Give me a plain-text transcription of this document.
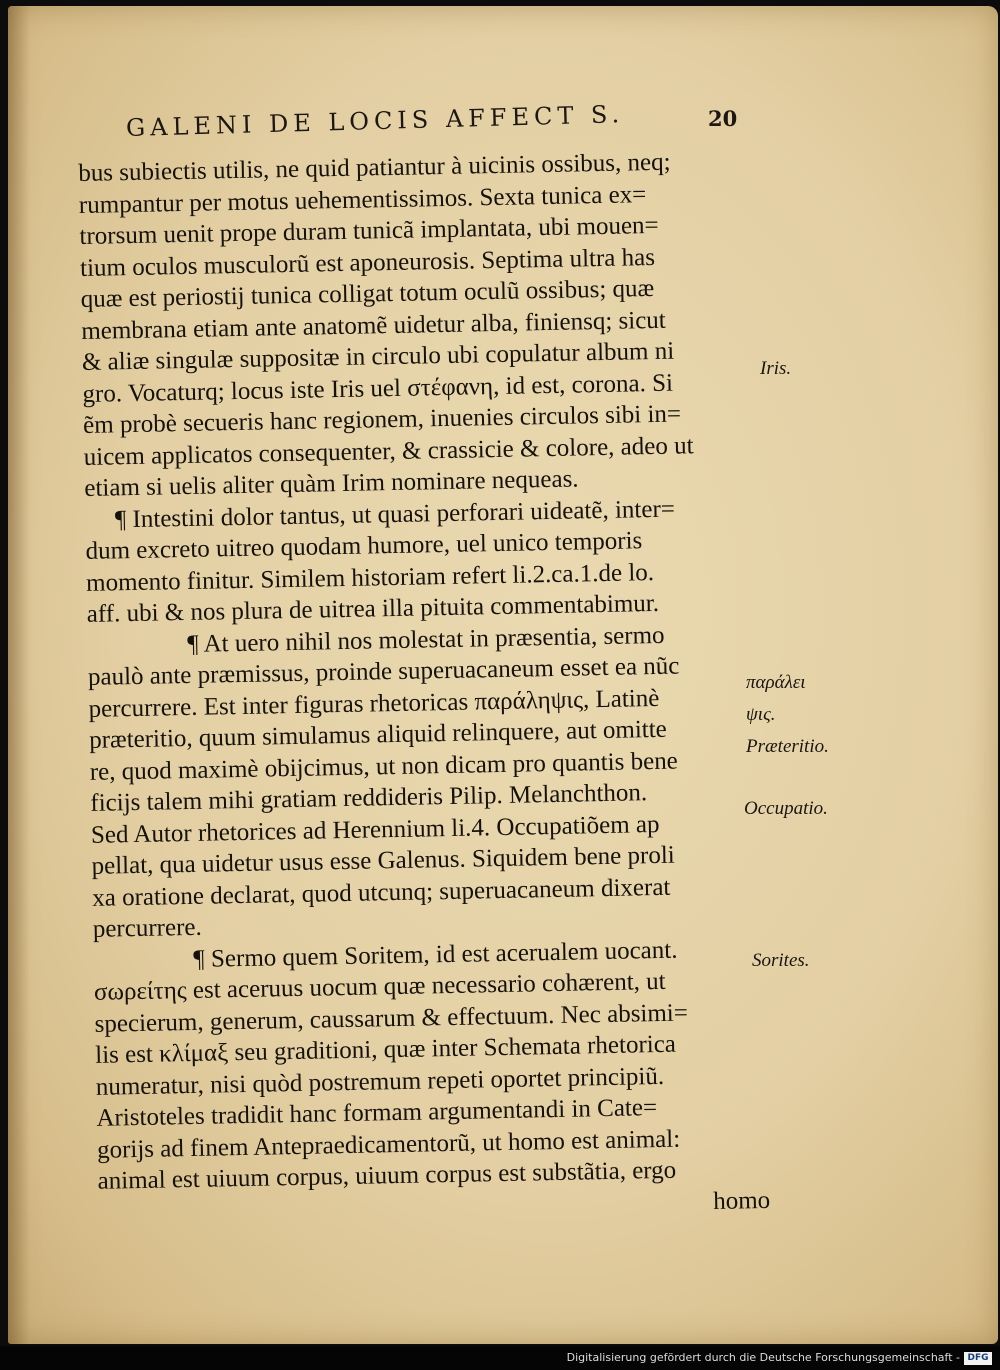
GALENI DE LOCIS AFFECT S.	20
bus subiectis utilis, ne quid patiantur à uicinis ossibus, neq;
rumpantur per motus uehementissimos. Sexta tunica ex=
trorsum uenit prope duram tunicã implantata, ubi mouen=
tium oculos musculorũ est aponeurosis. Septima ultra has
quæ est periostij tunica colligat totum oculũ ossibus; quæ
membrana etiam ante anatomẽ uidetur alba, finiensq; sicut
& aliæ singulæ suppositæ in circulo ubi copulatur album ni
gro. Vocaturq; locus iste Iris uel στέφανη, id est, corona. Si
ẽm probè secueris hanc regionem, inuenies circulos sibi in=
uicem applicatos consequenter, & crassicie & colore, adeo ut
etiam si uelis aliter quàm Irim nominare nequeas.
¶ Intestini dolor tantus, ut quasi perforari uideatẽ, inter=
dum excreto uitreo quodam humore, uel unico temporis
momento finitur. Similem historiam refert li.2.ca.1.de lo.
aff. ubi & nos plura de uitrea illa pituita commentabimur.
¶ At uero nihil nos molestat in præsentia, sermo
paulò ante præmissus, proinde superuacaneum esset ea nũc
percurrere. Est inter figuras rhetoricas παράληψις, Latinè
præteritio, quum simulamus aliquid relinquere, aut omitte
re, quod maximè obijcimus, ut non dicam pro quantis bene
ficijs talem mihi gratiam reddideris Pilip. Melanchthon.
Sed Autor rhetorices ad Herennium li.4. Occupatiõem ap
pellat, qua uidetur usus esse Galenus. Siquidem bene proli
xa oratione declarat, quod utcunq; superuacaneum dixerat
percurrere.
¶ Sermo quem Soritem, id est acerualem uocant.
σωρείτης est aceruus uocum quæ necessario cohærent, ut
specierum, generum, caussarum & effectuum. Nec absimi=
lis est κλίμαξ seu graditioni, quæ inter Schemata rhetorica
numeratur, nisi quòd postremum repeti oportet principiũ.
Aristoteles tradidit hanc formam argumentandi in Cate=
gorijs ad finem Antepraedicamentorũ, ut homo est animal:
animal est uiuum corpus, uiuum corpus est substãtia, ergo
homo
Iris.
παράλει
ψις.
Præteritio.
Occupatio.
Sorites.
Digitalisierung gefördert durch die Deutsche Forschungsgemeinschaft - DFG
